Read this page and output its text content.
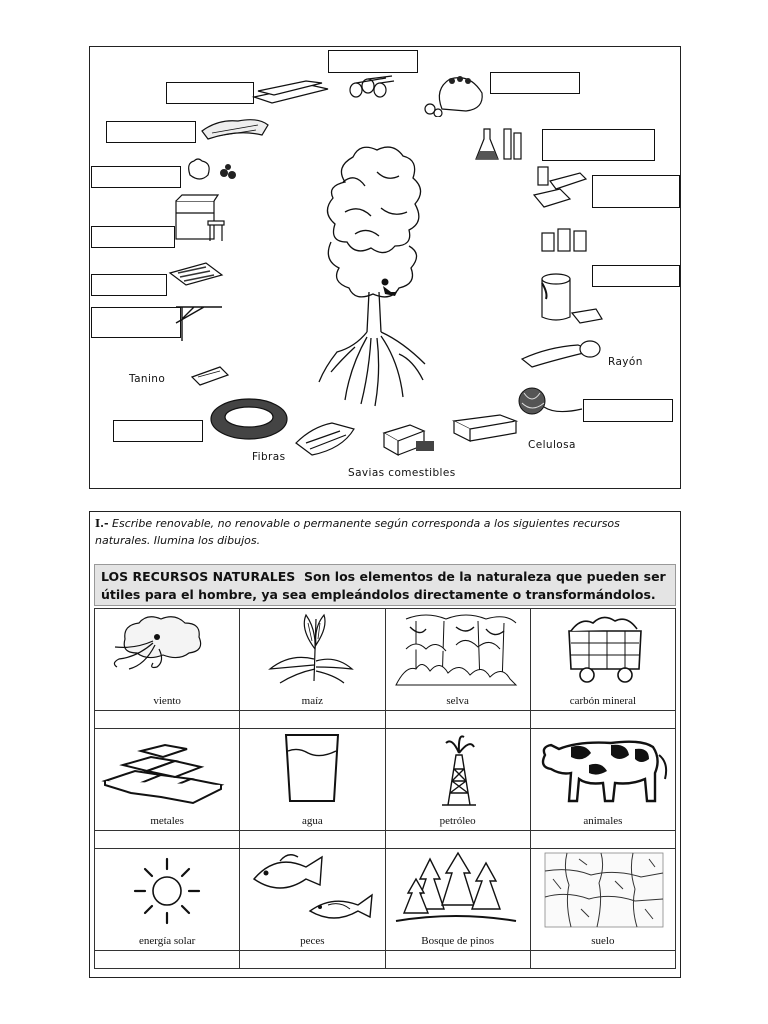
Rayón
Tanino
Fibras
Savias comestibles
Celulosa
I.- Escribe renovable, no renovable o permanente según corresponda a los siguientes recursos naturales. Ilumina los dibujos.
LOS RECURSOS NATURALES Son los elementos de la naturaleza que pueden ser útiles para el hombre, ya sea empleándolos directamente o transformándolos.
viento	maíz	selva	carbón mineral

metales	agua	petróleo	animales

energía solar	peces	Bosque de pinos	suelo
